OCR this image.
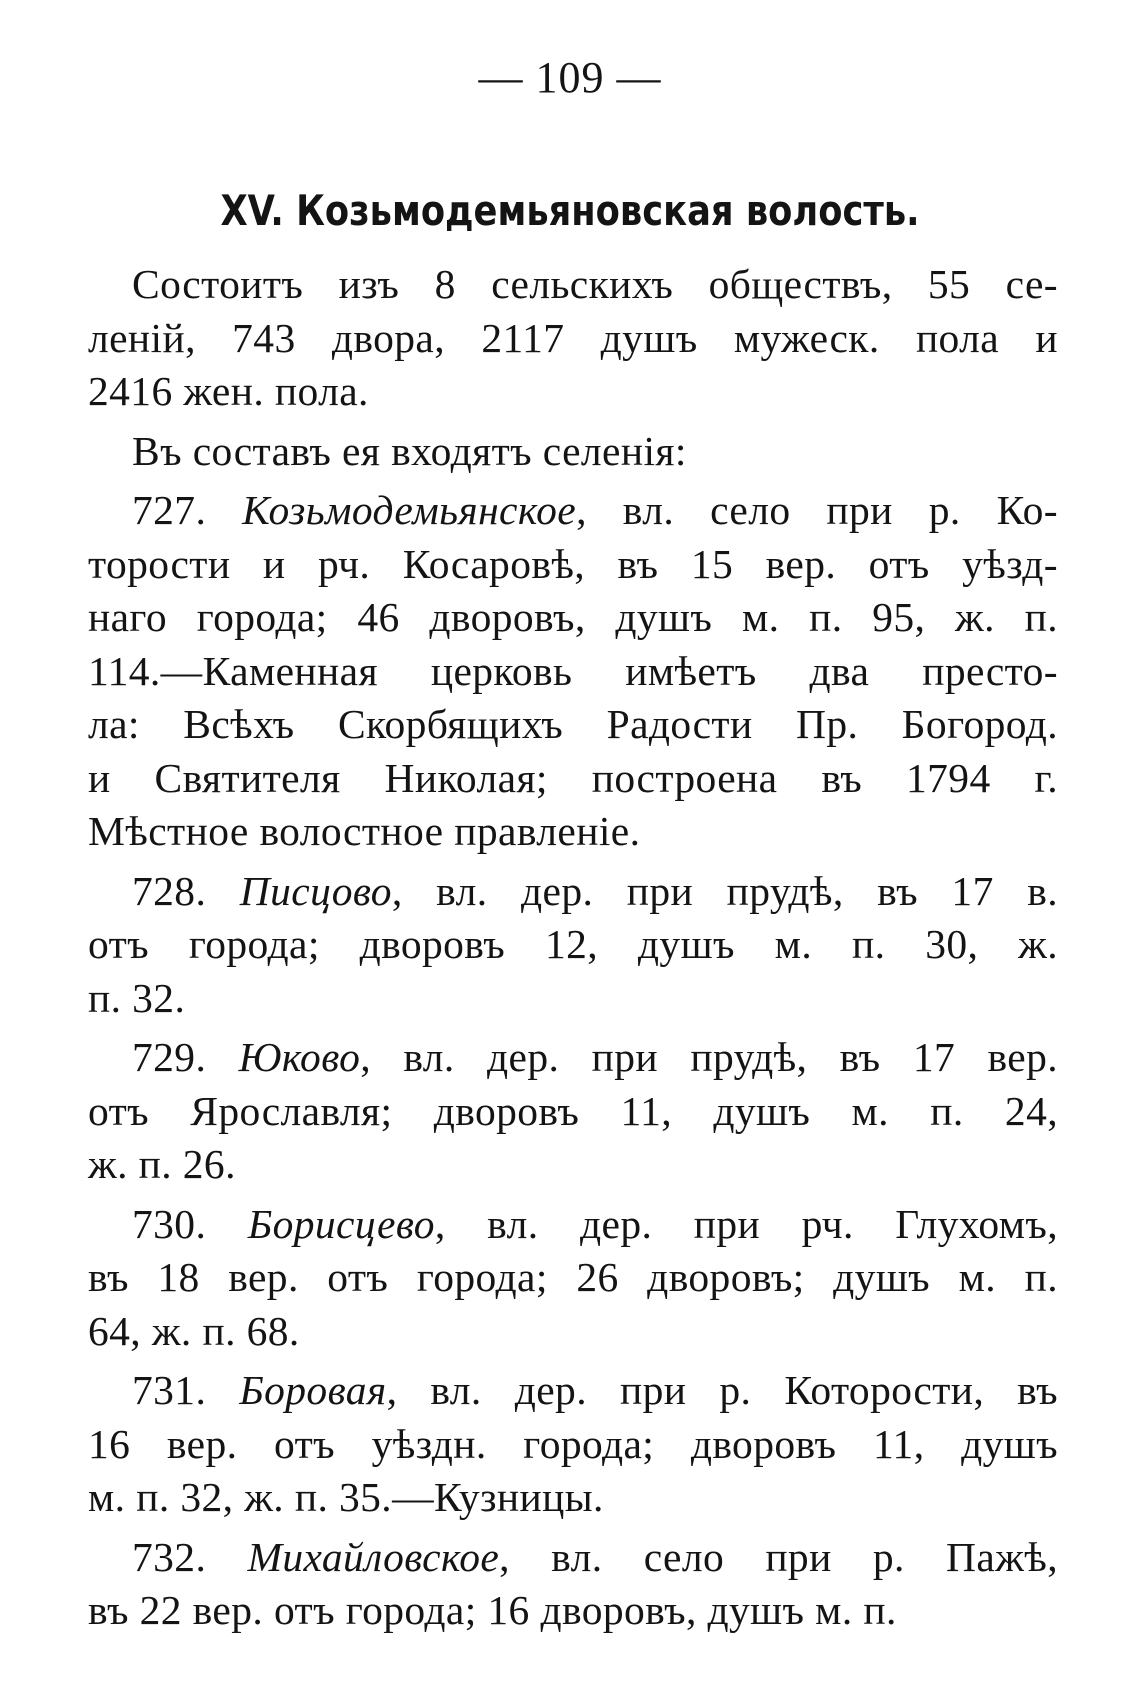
— 109 —
XV. Козьмодемьяновская волость.
Состоитъ изъ 8 сельскихъ обществъ, 55 се-
леній, 743 двора, 2117 душъ мужеск. пола и
2416 жен. пола.
Въ составъ ея входятъ селенія:
727. Козьмодемьянское, вл. село при р. Ко-
торости и рч. Косаровѣ, въ 15 вер. отъ уѣзд-
наго города; 46 дворовъ, душъ м. п. 95, ж. п.
114.—Каменная церковь имѣетъ два престо-
ла: Всѣхъ Скорбящихъ Радости Пр. Богород.
и Святителя Николая; построена въ 1794 г.
Мѣстное волостное правленіе.
728. Писцово, вл. дер. при прудѣ, въ 17 в.
отъ города; дворовъ 12, душъ м. п. 30, ж.
п. 32.
729. Юково, вл. дер. при прудѣ, въ 17 вер.
отъ Ярославля; дворовъ 11, душъ м. п. 24,
ж. п. 26.
730. Борисцево, вл. дер. при рч. Глухомъ,
въ 18 вер. отъ города; 26 дворовъ; душъ м. п.
64, ж. п. 68.
731. Боровая, вл. дер. при р. Которости, въ
16 вер. отъ уѣздн. города; дворовъ 11, душъ
м. п. 32, ж. п. 35.—Кузницы.
732. Михайловское, вл. село при р. Пажѣ,
въ 22 вер. отъ города; 16 дворовъ, душъ м. п.
